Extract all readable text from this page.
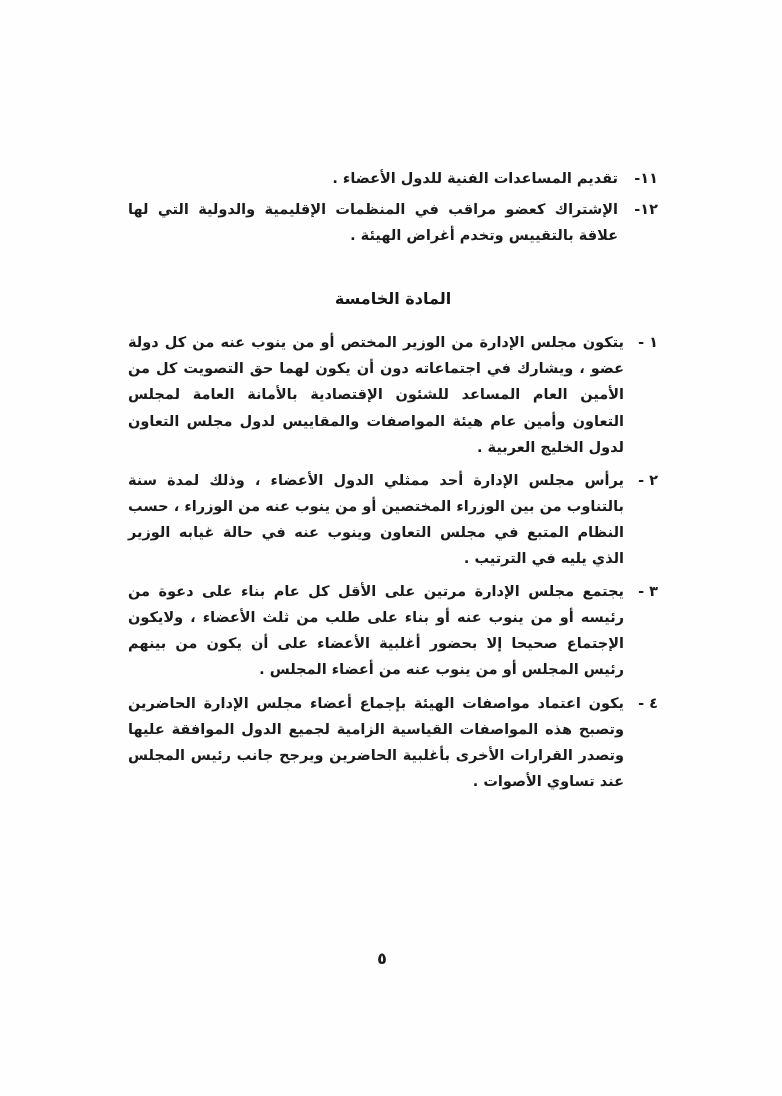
١١-
تقديم المساعدات الفنية للدول الأعضاء .
١٢-
الإشتراك كعضو مراقب في المنظمات الإقليمية والدولية التي لها علاقة بالتقييس وتخدم أغراض الهيئة .
المادة الخامسة
١ -
يتكون مجلس الإدارة من الوزير المختص أو من ينوب عنه من كل دولة عضو ، ويشارك في اجتماعاته دون أن يكون لهما حق التصويت كل من الأمين العام المساعد للشئون الإقتصادية بالأمانة العامة لمجلس التعاون وأمين عام هيئة المواصفات والمقاييس لدول مجلس التعاون لدول الخليج العربية .
٢ -
يرأس مجلس الإدارة أحد ممثلي الدول الأعضاء ، وذلك لمدة سنة بالتناوب من بين الوزراء المختصين أو من ينوب عنه من الوزراء ، حسب النظام المتبع في مجلس التعاون وينوب عنه في حالة غيابه الوزير الذي يليه في الترتيب .
٣ -
يجتمع مجلس الإدارة مرتين على الأقل كل عام بناء على دعوة من رئيسه أو من ينوب عنه أو بناء على طلب من ثلث الأعضاء ، ولايكون الإجتماع صحيحا إلا بحضور أغلبية الأعضاء على أن يكون من بينهم رئيس المجلس أو من ينوب عنه من أعضاء المجلس .
٤ -
يكون اعتماد مواصفات الهيئة بإجماع أعضاء مجلس الإدارة الحاضرين وتصبح هذه المواصفات القياسية الزامية لجميع الدول الموافقة عليها وتصدر القرارات الأخرى بأغلبية الحاضرين ويرجح جانب رئيس المجلس عند تساوي الأصوات .
٥
